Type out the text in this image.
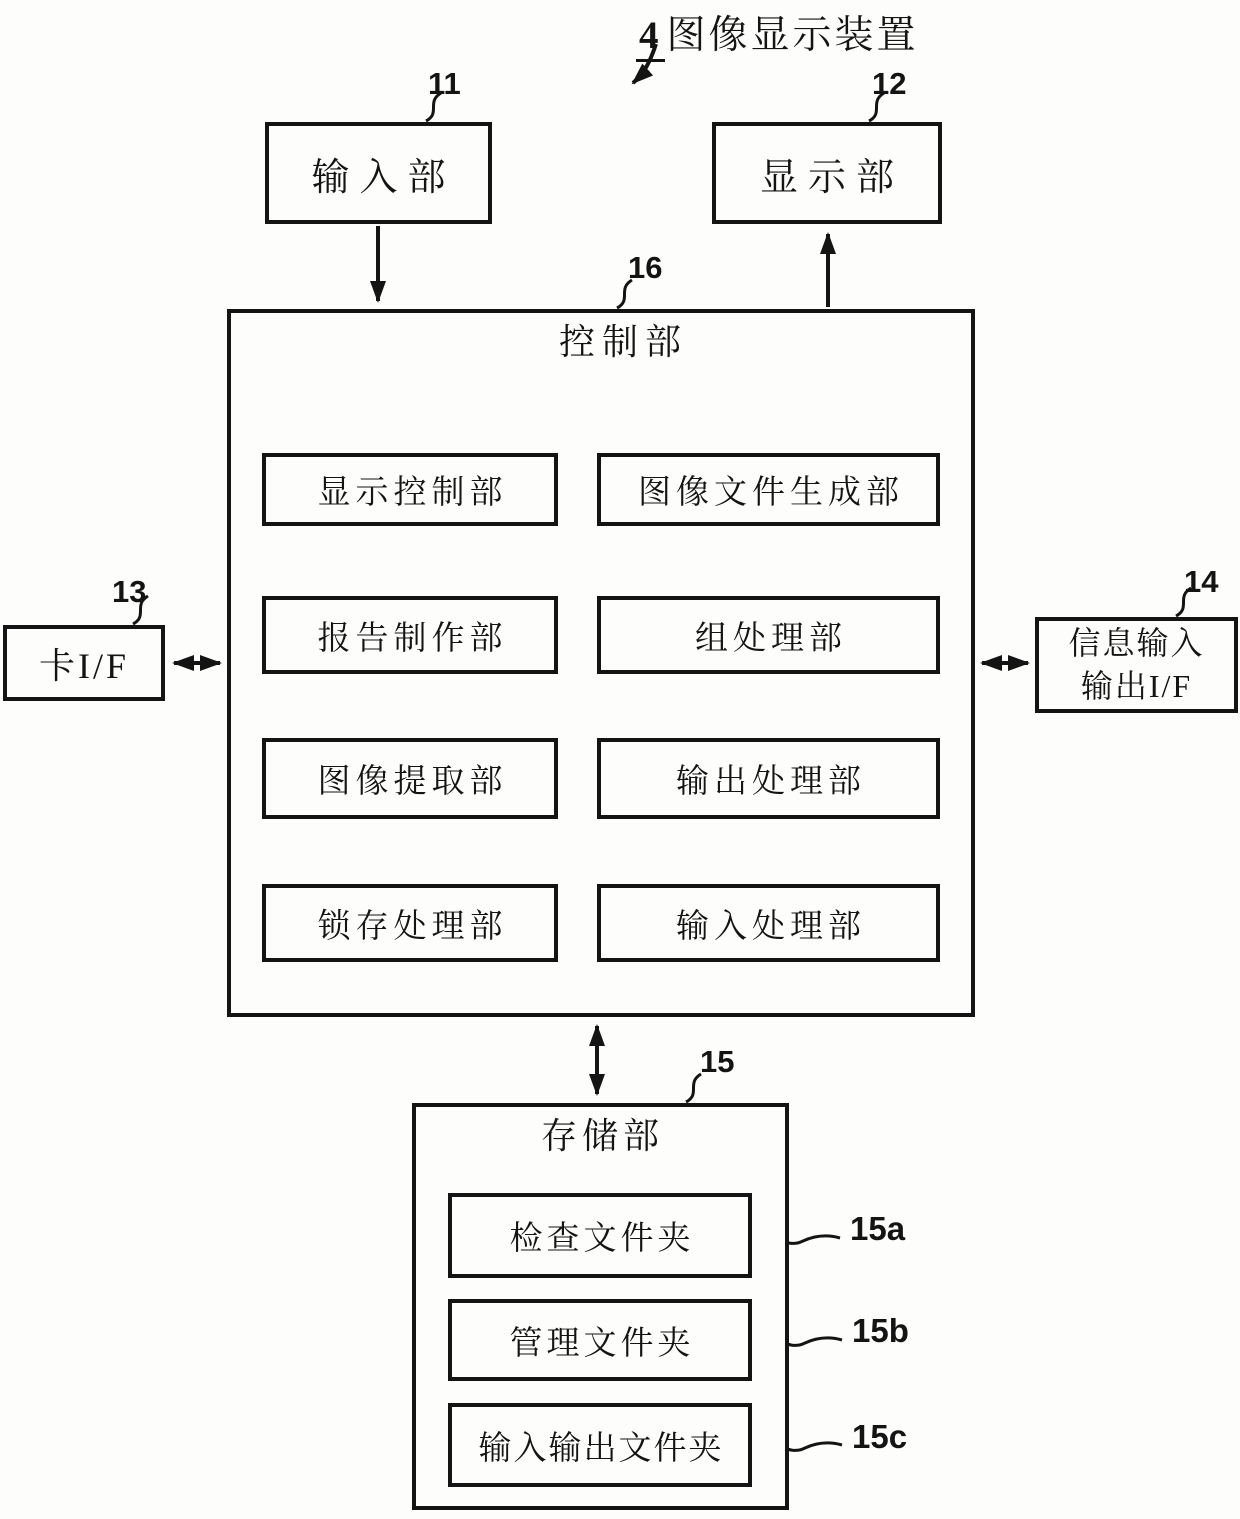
4 图像显示装置
11	12
16
13	14
15
15a
15b
15c
输入部	显示部
控制部
显示控制部	图像文件生成部
报告制作部	组处理部
图像提取部	输出处理部
锁存处理部	输入处理部
卡I/F
信息输入
输出I/F
存储部
检查文件夹
管理文件夹
输入输出文件夹
